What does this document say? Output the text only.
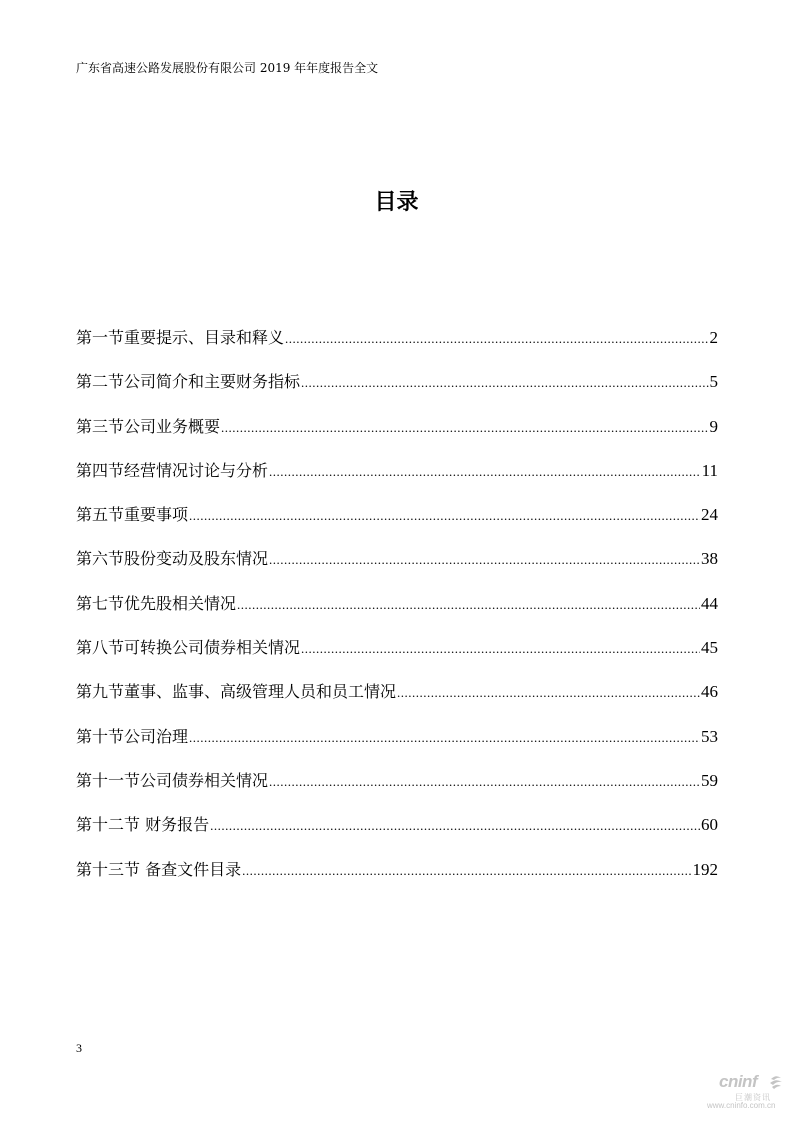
广东省高速公路发展股份有限公司 2019 年年度报告全文
目录
第一节重要提示、目录和释义 .....	2
第二节公司简介和主要财务指标 .....	5
第三节公司业务概要 .....	9
第四节经营情况讨论与分析 .....	11
第五节重要事项 .....	24
第六节股份变动及股东情况 .....	38
第七节优先股相关情况 .....	44
第八节可转换公司债券相关情况 .....	45
第九节董事、监事、高级管理人员和员工情况 .....	46
第十节公司治理 .....	53
第十一节公司债券相关情况 .....	59
第十二节 财务报告 .....	60
第十三节 备查文件目录 .....	192
3
cninf
巨潮资讯
www.cninfo.com.cn
